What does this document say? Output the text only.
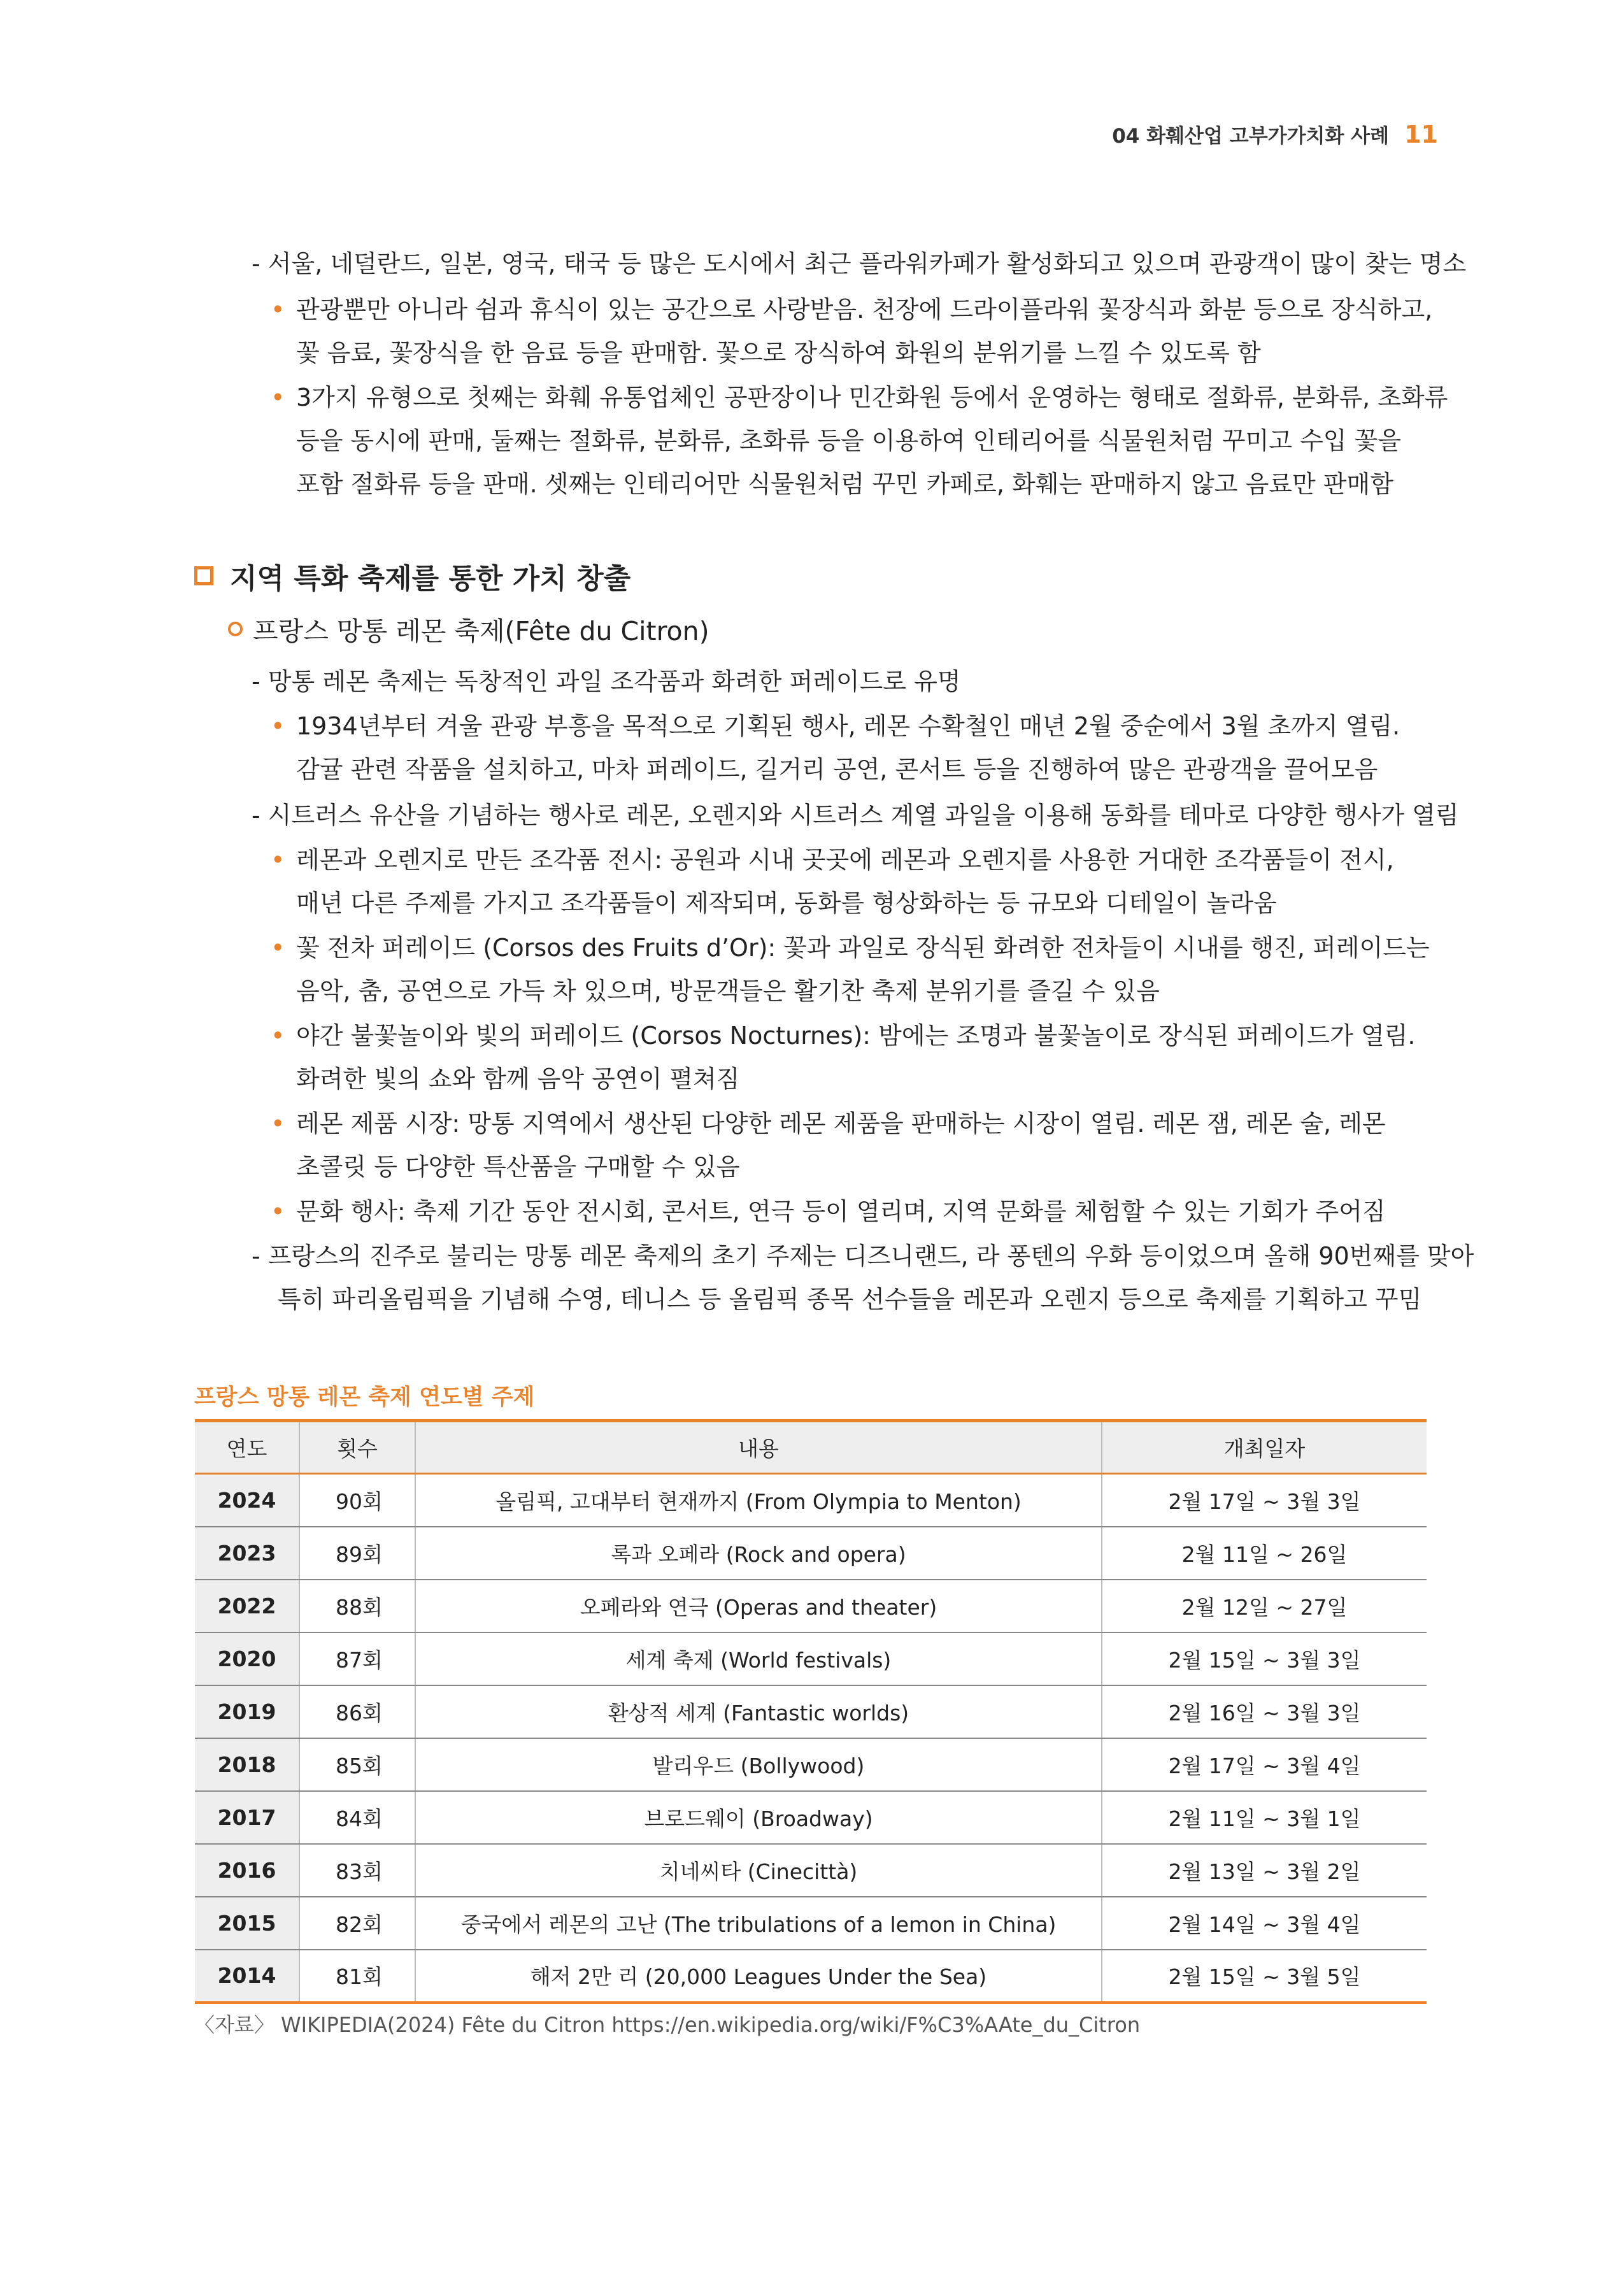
04 화훼산업 고부가가치화 사례 11
- 서울, 네덜란드, 일본, 영국, 태국 등 많은 도시에서 최근 플라워카페가 활성화되고 있으며 관광객이 많이 찾는 명소
• 관광뿐만 아니라 쉼과 휴식이 있는 공간으로 사랑받음. 천장에 드라이플라워 꽃장식과 화분 등으로 장식하고,
꽃 음료, 꽃장식을 한 음료 등을 판매함. 꽃으로 장식하여 화원의 분위기를 느낄 수 있도록 함
• 3가지 유형으로 첫째는 화훼 유통업체인 공판장이나 민간화원 등에서 운영하는 형태로 절화류, 분화류, 초화류
등을 동시에 판매, 둘째는 절화류, 분화류, 초화류 등을 이용하여 인테리어를 식물원처럼 꾸미고 수입 꽃을
포함 절화류 등을 판매. 셋째는 인테리어만 식물원처럼 꾸민 카페로, 화훼는 판매하지 않고 음료만 판매함
지역 특화 축제를 통한 가치 창출
프랑스 망통 레몬 축제(Fête du Citron)
- 망통 레몬 축제는 독창적인 과일 조각품과 화려한 퍼레이드로 유명
• 1934년부터 겨울 관광 부흥을 목적으로 기획된 행사, 레몬 수확철인 매년 2월 중순에서 3월 초까지 열림.
감귤 관련 작품을 설치하고, 마차 퍼레이드, 길거리 공연, 콘서트 등을 진행하여 많은 관광객을 끌어모음
- 시트러스 유산을 기념하는 행사로 레몬, 오렌지와 시트러스 계열 과일을 이용해 동화를 테마로 다양한 행사가 열림
• 레몬과 오렌지로 만든 조각품 전시: 공원과 시내 곳곳에 레몬과 오렌지를 사용한 거대한 조각품들이 전시,
매년 다른 주제를 가지고 조각품들이 제작되며, 동화를 형상화하는 등 규모와 디테일이 놀라움
• 꽃 전차 퍼레이드 (Corsos des Fruits d’Or): 꽃과 과일로 장식된 화려한 전차들이 시내를 행진, 퍼레이드는
음악, 춤, 공연으로 가득 차 있으며, 방문객들은 활기찬 축제 분위기를 즐길 수 있음
• 야간 불꽃놀이와 빛의 퍼레이드 (Corsos Nocturnes): 밤에는 조명과 불꽃놀이로 장식된 퍼레이드가 열림.
화려한 빛의 쇼와 함께 음악 공연이 펼쳐짐
• 레몬 제품 시장: 망통 지역에서 생산된 다양한 레몬 제품을 판매하는 시장이 열림. 레몬 잼, 레몬 술, 레몬
초콜릿 등 다양한 특산품을 구매할 수 있음
• 문화 행사: 축제 기간 동안 전시회, 콘서트, 연극 등이 열리며, 지역 문화를 체험할 수 있는 기회가 주어짐
- 프랑스의 진주로 불리는 망통 레몬 축제의 초기 주제는 디즈니랜드, 라 퐁텐의 우화 등이었으며 올해 90번째를 맞아
특히 파리올림픽을 기념해 수영, 테니스 등 올림픽 종목 선수들을 레몬과 오렌지 등으로 축제를 기획하고 꾸밈
프랑스 망통 레몬 축제 연도별 주제
연도	횟수	내용	개최일자
2024	90회	올림픽, 고대부터 현재까지 (From Olympia to Menton)	2월 17일 ~ 3월 3일
2023	89회	록과 오페라 (Rock and opera)	2월 11일 ~ 26일
2022	88회	오페라와 연극 (Operas and theater)	2월 12일 ~ 27일
2020	87회	세계 축제 (World festivals)	2월 15일 ~ 3월 3일
2019	86회	환상적 세계 (Fantastic worlds)	2월 16일 ~ 3월 3일
2018	85회	발리우드 (Bollywood)	2월 17일 ~ 3월 4일
2017	84회	브로드웨이 (Broadway)	2월 11일 ~ 3월 1일
2016	83회	치네씨타 (Cinecittà)	2월 13일 ~ 3월 2일
2015	82회	중국에서 레몬의 고난 (The tribulations of a lemon in China)	2월 14일 ~ 3월 4일
2014	81회	해저 2만 리 (20,000 Leagues Under the Sea)	2월 15일 ~ 3월 5일
〈자료〉 WIKIPEDIA(2024) Fête du Citron https://en.wikipedia.org/wiki/F%C3%AAte_du_Citron
